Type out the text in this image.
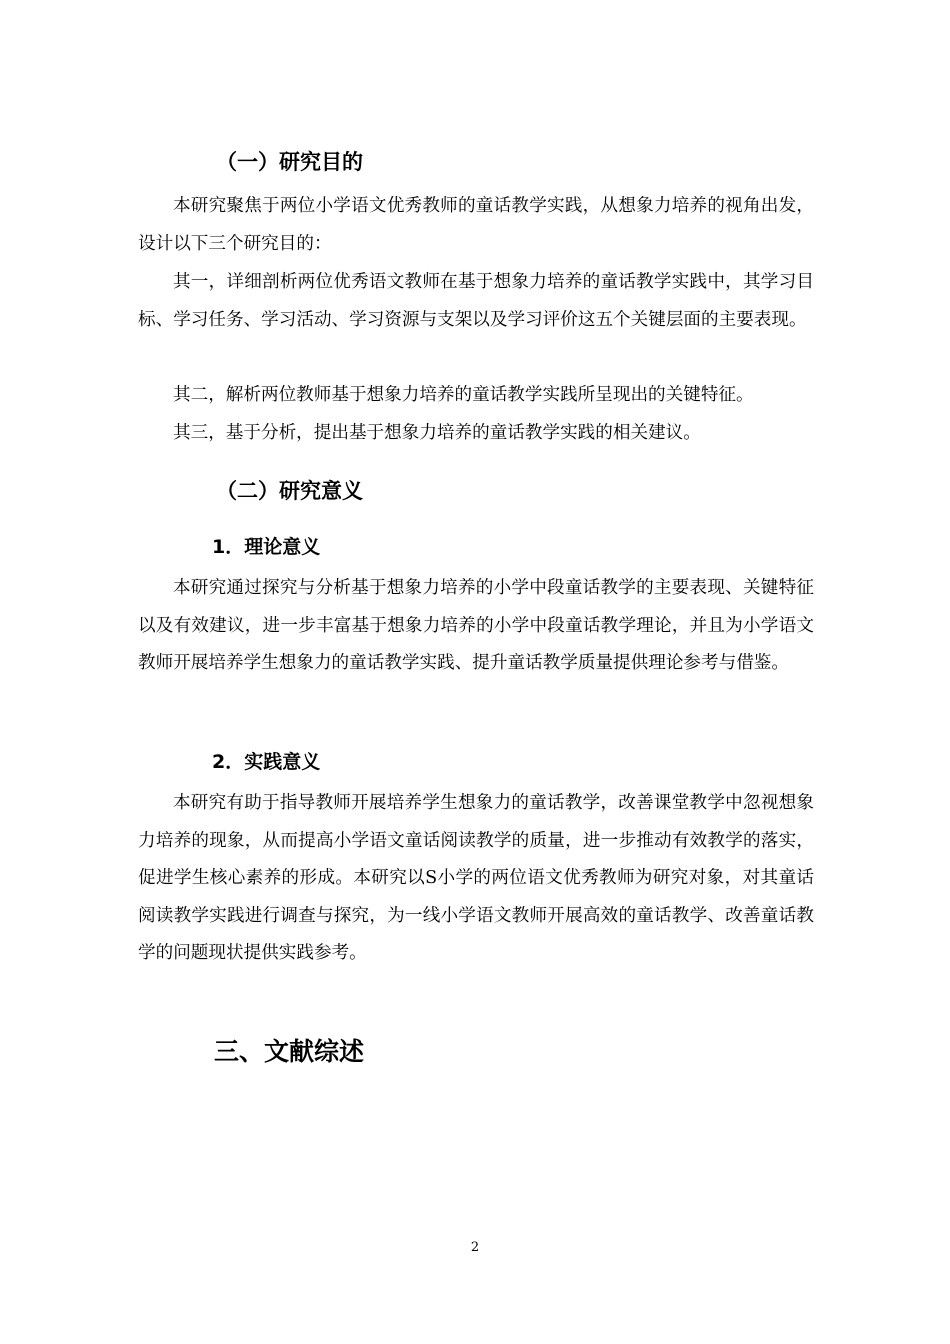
（一）研究目的

本研究聚焦于两位小学语文优秀教师的童话教学实践，从想象力培养的视角出发，设计以下三个研究目的：

其一，详细剖析两位优秀语文教师在基于想象力培养的童话教学实践中，其学习目标、学习任务、学习活动、学习资源与支架以及学习评价这五个关键层面的主要表现。

其二，解析两位教师基于想象力培养的童话教学实践所呈现出的关键特征。

其三，基于分析，提出基于想象力培养的童话教学实践的相关建议。

（二）研究意义
1．理论意义

本研究通过探究与分析基于想象力培养的小学中段童话教学的主要表现、关键特征以及有效建议，进一步丰富基于想象力培养的小学中段童话教学理论，并且为小学语文教师开展培养学生想象力的童话教学实践、提升童话教学质量提供理论参考与借鉴。

2．实践意义

本研究有助于指导教师开展培养学生想象力的童话教学，改善课堂教学中忽视想象力培养的现象，从而提高小学语文童话阅读教学的质量，进一步推动有效教学的落实，促进学生核心素养的形成。本研究以S小学的两位语文优秀教师为研究对象，对其童话阅读教学实践进行调查与探究，为一线小学语文教师开展高效的童话教学、改善童话教学的问题现状提供实践参考。

三、文献综述
2
